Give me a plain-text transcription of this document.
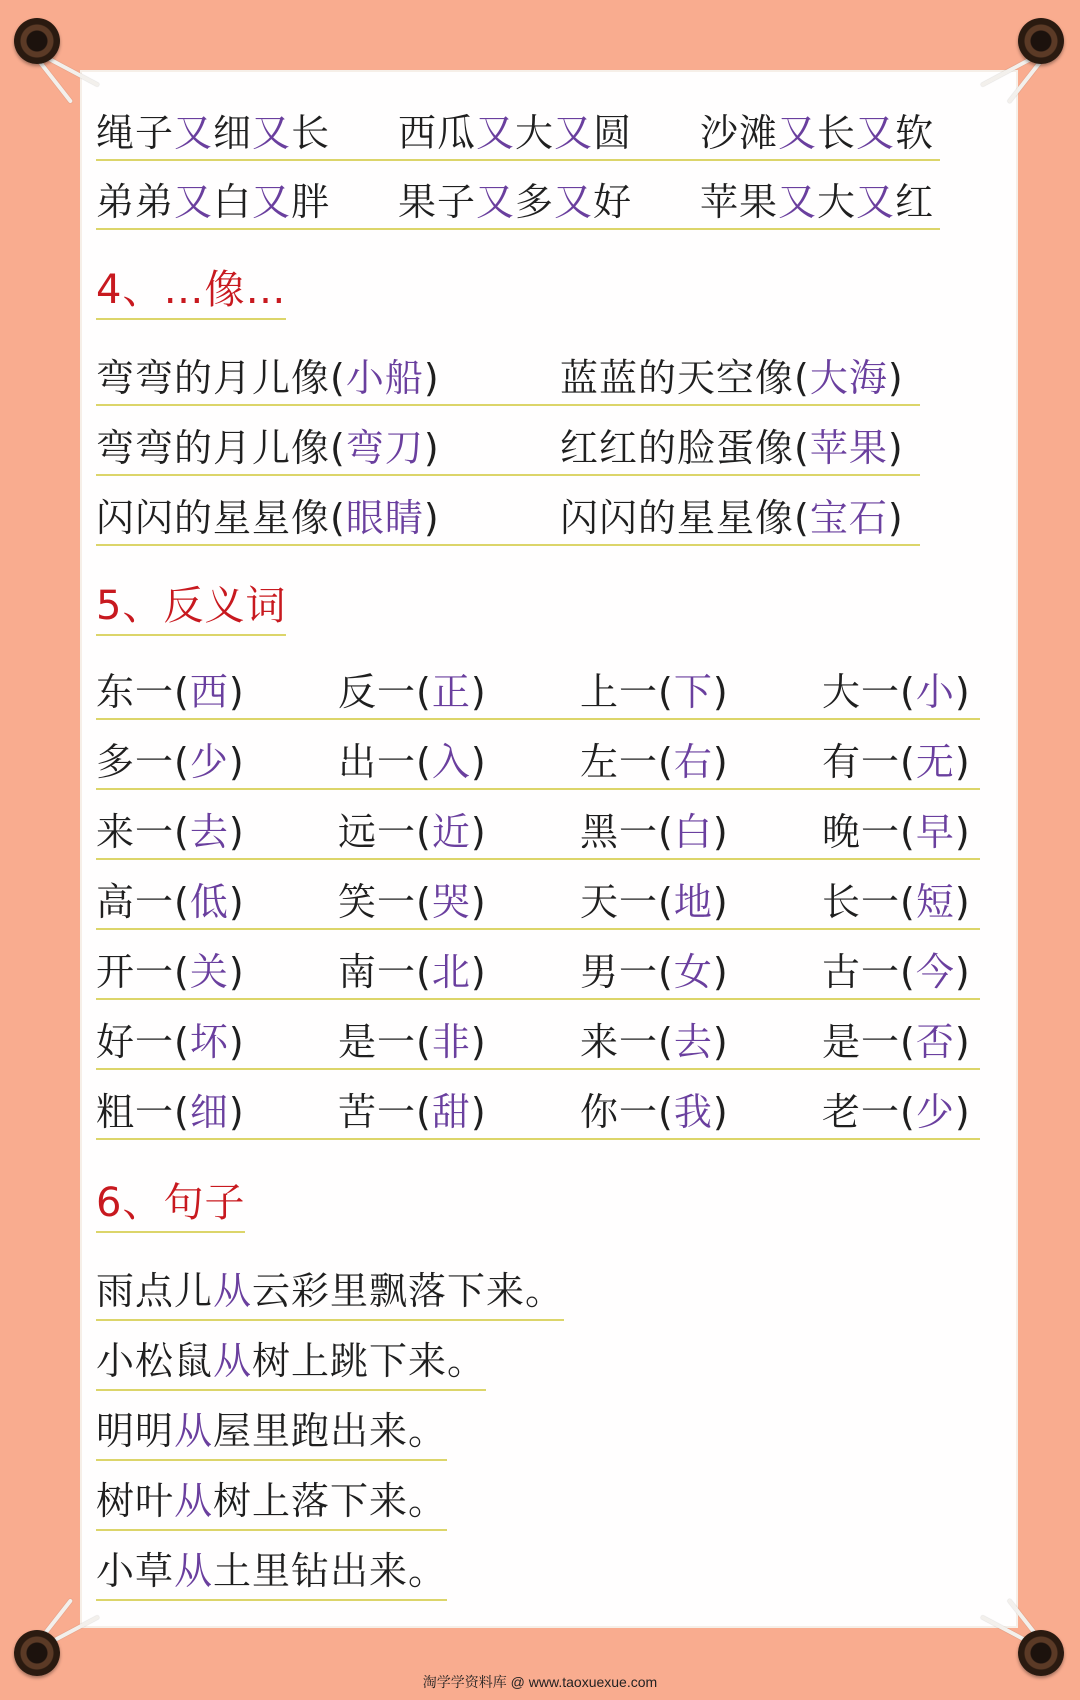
绳子又细又长	西瓜又大又圆	沙滩又长又软
弟弟又白又胖	果子又多又好	苹果又大又红
4、…像…
弯弯的月儿像(小船)	蓝蓝的天空像(大海)
弯弯的月儿像(弯刀)	红红的脸蛋像(苹果)
闪闪的星星像(眼睛)	闪闪的星星像(宝石)
5、反义词
东一(西)	反一(正)	上一(下)	大一(小)
多一(少)	出一(入)	左一(右)	有一(无)
来一(去)	远一(近)	黑一(白)	晚一(早)
高一(低)	笑一(哭)	天一(地)	长一(短)
开一(关)	南一(北)	男一(女)	古一(今)
好一(坏)	是一(非)	来一(去)	是一(否)
粗一(细)	苦一(甜)	你一(我)	老一(少)
6、句子
雨点儿从云彩里飘落下来。
小松鼠从树上跳下来。
明明从屋里跑出来。
树叶从树上落下来。
小草从土里钻出来。
淘学学资料库 @ www.taoxuexue.com
